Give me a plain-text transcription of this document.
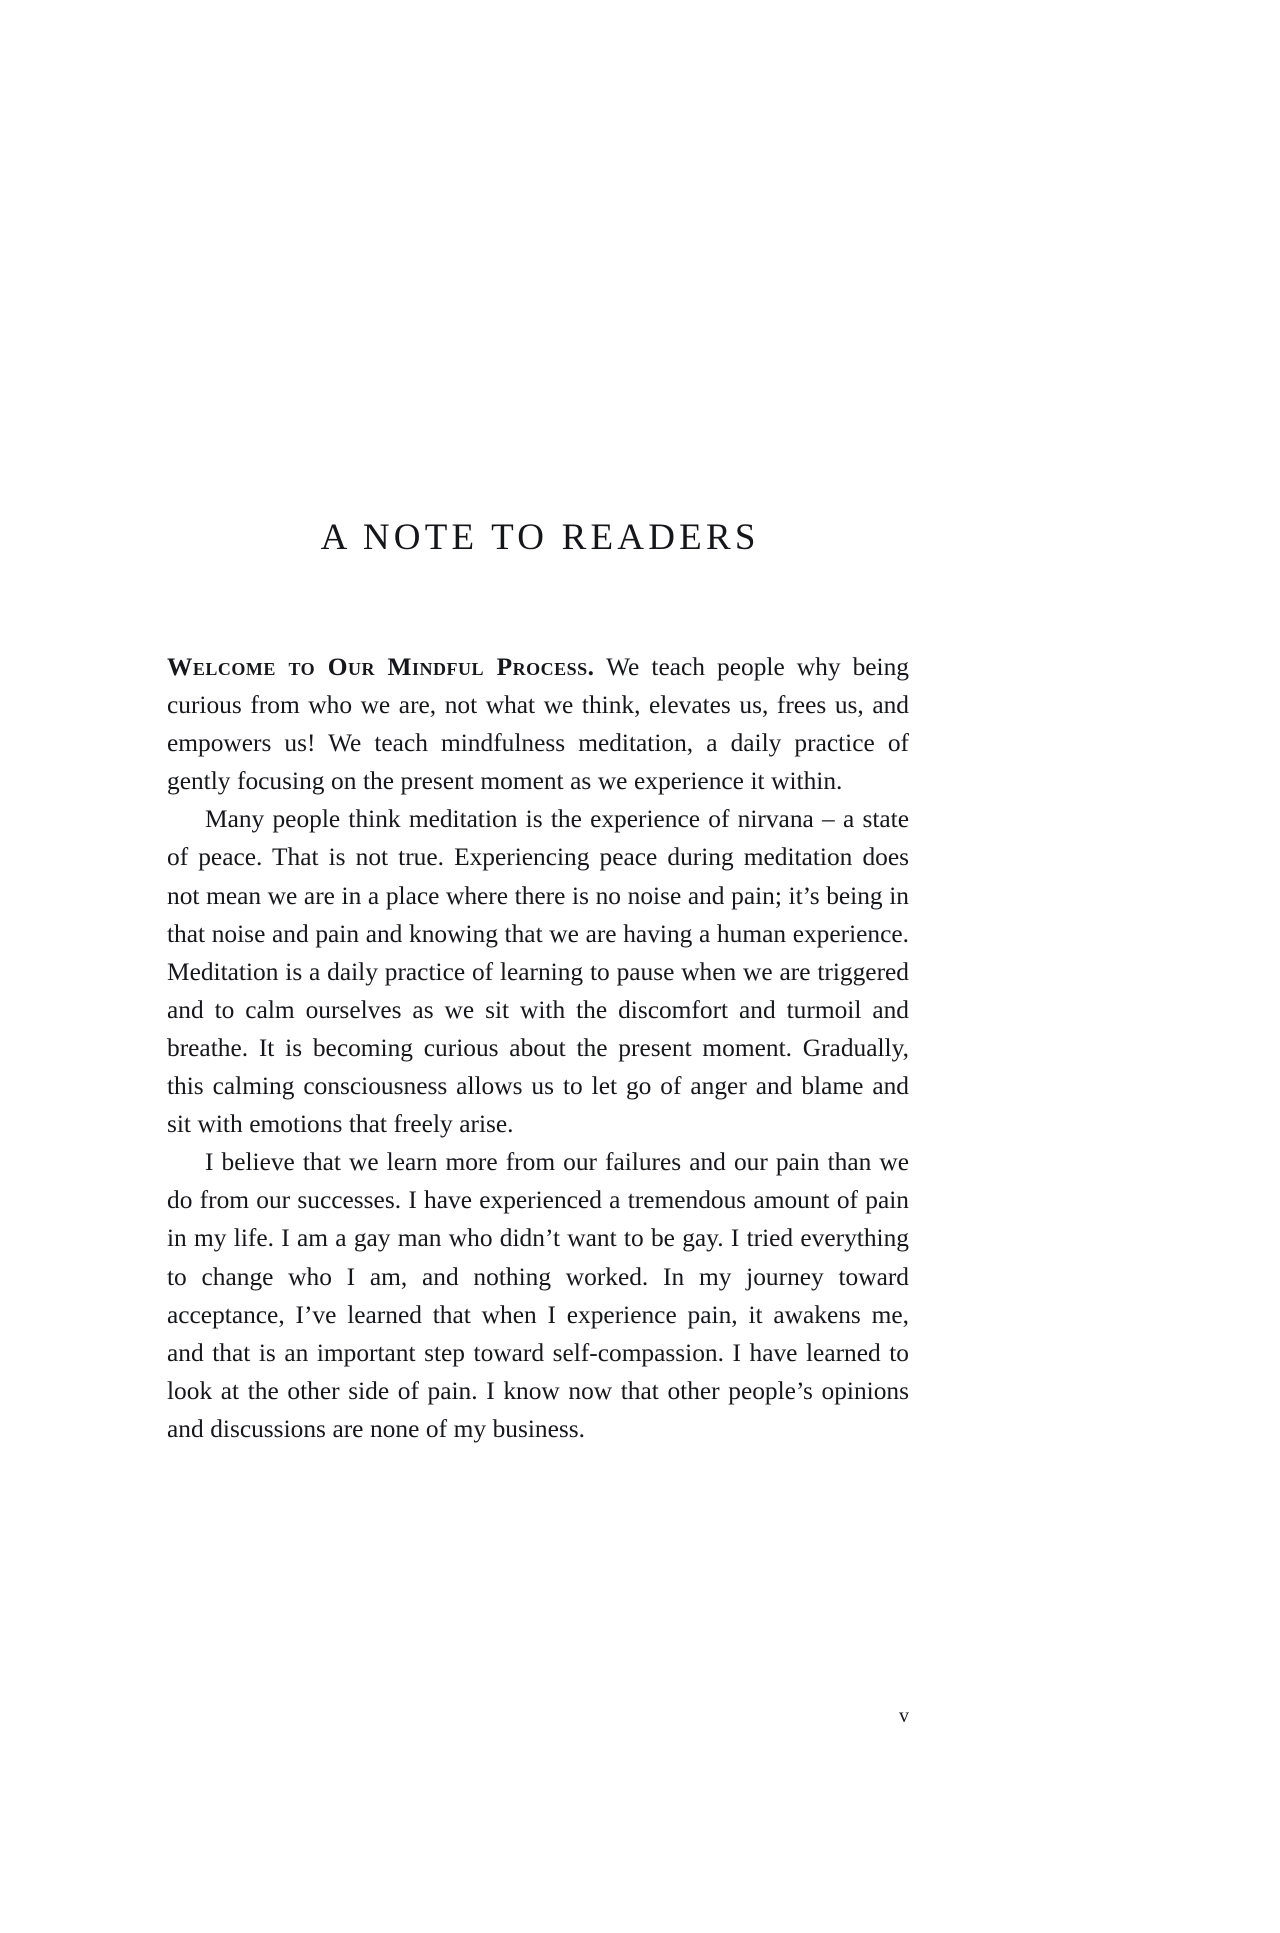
A NOTE TO READERS

Welcome to Our Mindful Process. We teach people why being curious from who we are, not what we think, elevates us, frees us, and empowers us! We teach mindfulness meditation, a daily practice of gently focusing on the present moment as we experience it within.

Many people think meditation is the experience of nirvana – a state of peace. That is not true. Experiencing peace during meditation does not mean we are in a place where there is no noise and pain; it’s being in that noise and pain and knowing that we are having a human experience. Meditation is a daily practice of learning to pause when we are triggered and to calm ourselves as we sit with the discomfort and turmoil and breathe. It is becoming curious about the present moment. Gradually, this calming consciousness allows us to let go of anger and blame and sit with emotions that freely arise.

I believe that we learn more from our failures and our pain than we do from our successes. I have experienced a tremendous amount of pain in my life. I am a gay man who didn’t want to be gay. I tried everything to change who I am, and nothing worked. In my journey toward acceptance, I’ve learned that when I experience pain, it awakens me, and that is an important step toward self-compassion. I have learned to look at the other side of pain. I know now that other people’s opinions and discussions are none of my business.

v
